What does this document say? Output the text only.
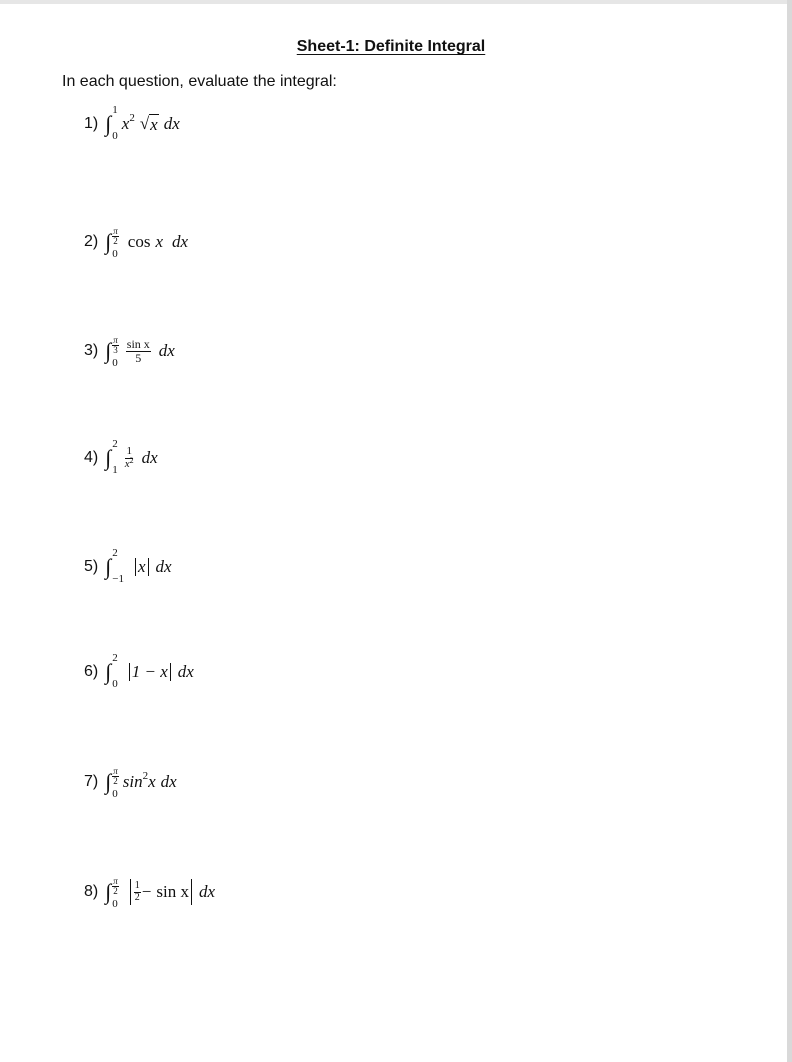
Sheet-1: Definite Integral
In each question, evaluate the integral:
1) ∫
1
0
x 2 √ x dx
2) ∫ $\frac{\pi}{2}$
0
cos x dx
3) ∫ $\frac{\pi}{3}$
$0 \frac{\text{sin x}}{5}$ dx
4) ∫
2
$1 \frac{1}{x^2}$ dx
5) ∫
2
−1
x dx
6) ∫
2
0
1 − x dx
7) ∫ $\frac{\pi}{2}$
0
sin 2 x dx
8) ∫ $\frac{\pi}{2}$
0
$\frac{1}{2} - \sin x$ dx
